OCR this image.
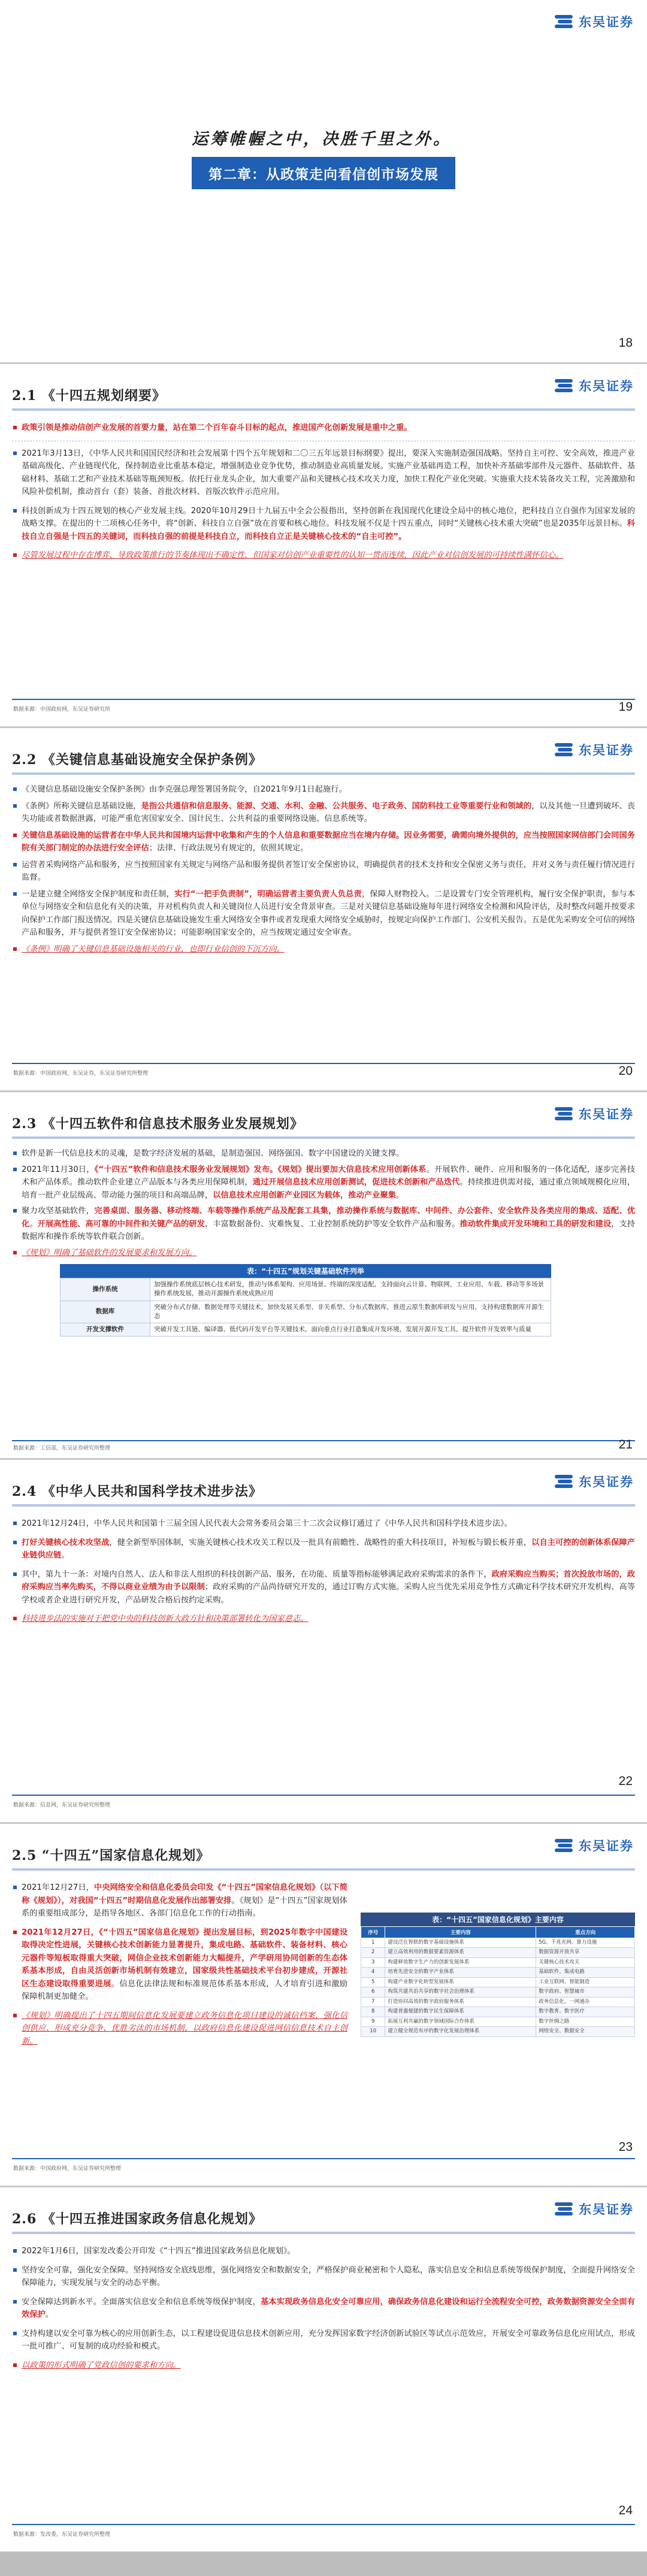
东吴证券
运筹帷幄之中，决胜千里之外。
第二章：从政策走向看信创市场发展
18
2.1 《十四五规划纲要》
东吴证券

政策引领是推动信创产业发展的首要力量，站在第二个百年奋斗目标的起点，推进国产化创新发展是重中之重。

2021年3月13日，《中华人民共和国国民经济和社会发展第十四个五年规划和二〇三五年远景目标纲要》提出，要深入实施制造强国战略。坚持自主可控、安全高效，推进产业基础高级化、产业链现代化，保持制造业比重基本稳定，增强制造业竞争优势，推动制造业高质量发展。实施产业基础再造工程，加快补齐基础零部件及元器件、基础软件、基础材料、基础工艺和产业技术基础等瓶颈短板。依托行业龙头企业，加大重要产品和关键核心技术攻关力度，加快工程化产业化突破。实施重大技术装备攻关工程，完善激励和风险补偿机制，推动首台（套）装备、首批次材料、首版次软件示范应用。

科技创新成为十四五规划的核心产业发展主线。2020年10月29日十九届五中全会公报指出，坚持创新在我国现代化建设全局中的核心地位，把科技自立自强作为国家发展的战略支撑。在提出的十二项核心任务中，将“创新、科技自立自强”放在首要和核心地位。科技发展不仅是十四五重点，同时“关键核心技术重大突破”也是2035年远景目标。科技自立自强是十四五的关键词，而科技自强的前提是科技自立，而科技自立正是关键核心技术的“自主可控”。

尽管发展过程中存在博弈、导致政策推行的节奏体现出不确定性，但国家对信创产业重要性的认知一贯而连续，因此产业对信创发展的可持续性满怀信心。

数据来源：中国政府网，东吴证券研究所	19
2.2 《关键信息基础设施安全保护条例》
东吴证券

《关键信息基础设施安全保护条例》由李克强总理签署国务院令，自2021年9月1日起施行。

《条例》所称关键信息基础设施，是指公共通信和信息服务、能源、交通、水利、金融、公共服务、电子政务、国防科技工业等重要行业和领域的，以及其他一旦遭到破坏、丧失功能或者数据泄露，可能严重危害国家安全、国计民生、公共利益的重要网络设施、信息系统等。

关键信息基础设施的运营者在中华人民共和国境内运营中收集和产生的个人信息和重要数据应当在境内存储。因业务需要，确需向境外提供的，应当按照国家网信部门会同国务院有关部门制定的办法进行安全评估；法律、行政法规另有规定的，依照其规定。

运营者采购网络产品和服务，应当按照国家有关规定与网络产品和服务提供者签订安全保密协议，明确提供者的技术支持和安全保密义务与责任，并对义务与责任履行情况进行监督。

一是建立健全网络安全保护制度和责任制，实行“一把手负责制”，明确运营者主要负责人负总责，保障人财物投入。二是设置专门安全管理机构，履行安全保护职责，参与本单位与网络安全和信息化有关的决策，并对机构负责人和关键岗位人员进行安全背景审查。三是对关键信息基础设施每年进行网络安全检测和风险评估，及时整改问题并按要求向保护工作部门报送情况。四是关键信息基础设施发生重大网络安全事件或者发现重大网络安全威胁时，按规定向保护工作部门、公安机关报告。五是优先采购安全可信的网络产品和服务，并与提供者签订安全保密协议；可能影响国家安全的，应当按规定通过安全审查。

《条例》明确了关键信息基础设施相关的行业，也即行业信创的下沉方向。

数据来源：中国政府网，东吴证券，东吴证券研究所整理	20
2.3 《十四五软件和信息技术服务业发展规划》
东吴证券

软件是新一代信息技术的灵魂，是数字经济发展的基础，是制造强国、网络强国、数字中国建设的关键支撑。

2021年11月30日，《“十四五”软件和信息技术服务业发展规划》发布。《规划》提出要加大信息技术应用创新体系。开展软件、硬件、应用和服务的一体化适配，逐步完善技术和产品体系。推动软件企业建立产品版本与各类应用保障机制，通过开展信息技术应用创新测试，促进技术创新和产品迭代。持续推进供需对接，通过重点领域规模化应用，培育一批产业层级高、带动能力强的项目和高端品牌，以信息技术应用创新产业园区为载体，推动产业聚集。

聚力攻坚基础软件，完善桌面、服务器、移动终端、车载等操作系统产品及配套工具集，推动操作系统与数据库、中间件、办公套件、安全软件及各类应用的集成、适配、优化。开展高性能、高可靠的中间件和关键产品的研发，丰富数据备份、灾难恢复、工业控制系统防护等安全软件产品和服务。推动软件集成开发环境和工具的研发和建设，支持数据库和操作系统等软件联合创新。

《规划》明确了基础软件的发展要求和发展方向。

表：“十四五”规划关键基础软件列举
操作系统	加强操作系统底层核心技术研发，推动与体系架构、应用场景、终端的深度适配，支持面向云计算、物联网、工业应用、车载、移动等多场景操作系统发展，推动开源操作系统成熟应用
数据库	突破分布式存储、数据处理等关键技术，加快发展关系型、非关系型、分布式数据库，推进云原生数据库研发与应用，支持构建数据库开源生态
开发支撑软件	突破开发工具链、编译器、低代码开发平台等关键技术，面向重点行业打造集成开发环境，发展开源开发工具，提升软件开发效率与质量
数据来源：工信部，东吴证券研究所整理	21
2.4 《中华人民共和国科学技术进步法》
东吴证券

2021年12月24日，中华人民共和国第十三届全国人民代表大会常务委员会第三十二次会议修订通过了《中华人民共和国科学技术进步法》。

打好关键核心技术攻坚战，健全新型举国体制，实施关键核心技术攻关工程以及一批具有前瞻性、战略性的重大科技项目，补短板与锻长板并重，以自主可控的创新体系保障产业链供应链。

其中，第九十一条：对境内自然人、法人和非法人组织的科技创新产品、服务，在功能、质量等指标能够满足政府采购需求的条件下，政府采购应当购买；首次投放市场的，政府采购应当率先购买，不得以商业业绩为由予以限制；政府采购的产品尚待研究开发的，通过订购方式实施。采购人应当优先采用竞争性方式确定科学技术研究开发机构、高等学校或者企业进行研究开发，产品研发合格后按约定采购。

科技进步法的实施对于把党中央的科技创新大政方针和决策部署转化为国家意志。

数据来源：信息网，东吴证券研究所整理
22
2.5 “十四五”国家信息化规划》
东吴证券

2021年12月27日，中央网络安全和信息化委员会印发《“十四五”国家信息化规划》（以下简称《规划》），对我国“十四五”时期信息化发展作出部署安排。《规划》是“十四五”国家规划体系的重要组成部分，是指导各地区、各部门信息化工作的行动指南。

2021年12月27日，《“十四五”国家信息化规划》提出发展目标，到2025年数字中国建设取得决定性进展，关键核心技术创新能力显著提升，集成电路、基础软件、装备材料、核心元器件等短板取得重大突破，网信企业技术创新能力大幅提升，产学研用协同创新的生态体系基本形成，自由灵活创新市场机制有效建立，国家级共性基础技术平台初步建成，开源社区生态建设取得重要进展。信息化法律法规和标准规范体系基本形成，人才培育引进和激励保障机制更加健全。

《规划》明确提出了十四五期间信息化发展要建立政务信息化项目建设的诚信档案，强化信创供应、形成充分竞争、优胜劣汰的市场机制，以政府信息化建设促进网信信息技术自主创新。

表：“十四五”国家信息化规划》主要内容
序号	主要内容	重点方向
1	建设泛在智联的数字基础设施体系	5G、千兆光网、算力设施
2	建立高效利用的数据要素资源体系	数据资源开放共享
3	构建释放数字生产力的创新发展体系	关键核心技术攻关
4	培育先进安全的数字产业体系	基础软件、集成电路
5	构建产业数字化转型发展体系	工业互联网、智能制造
6	构筑共建共治共享的数字社会治理体系	数字政府、智慧城市
7	打造协同高效的数字政府服务体系	政务信息化、一网通办
8	构建普惠便捷的数字民生保障体系	数字教育、数字医疗
9	拓展互利共赢的数字领域国际合作体系	数字丝绸之路
10	建立健全规范有序的数字化发展治理体系	网络安全、数据安全
数据来源：中国政府网，东吴证券研究所整理
23
2.6 《十四五推进国家政务信息化规划》
东吴证券

2022年1月6日，国家发改委公开印发《“十四五”推进国家政务信息化规划》。

坚持安全可靠，强化安全保障。坚持网络安全底线思维，强化网络安全和数据安全，严格保护商业秘密和个人隐私，落实信息安全和信息系统等级保护制度，全面提升网络安全保障能力，实现发展与安全的动态平衡。

安全保障达到新水平。全面落实信息安全和信息系统等级保护制度，基本实现政务信息化安全可靠应用，确保政务信息化建设和运行全流程安全可控，政务数据资源安全全面有效保护。

支持构建以安全可靠为核心的应用创新生态，以工程建设促进信息技术创新应用，充分发挥国家数字经济创新试验区等试点示范效应，开展安全可靠政务信息化应用试点，形成一批可推广、可复制的成功经验和模式。

以政策的形式明确了党政信创的要求和方向。

数据来源：发改委，东吴证券研究所整理
24
